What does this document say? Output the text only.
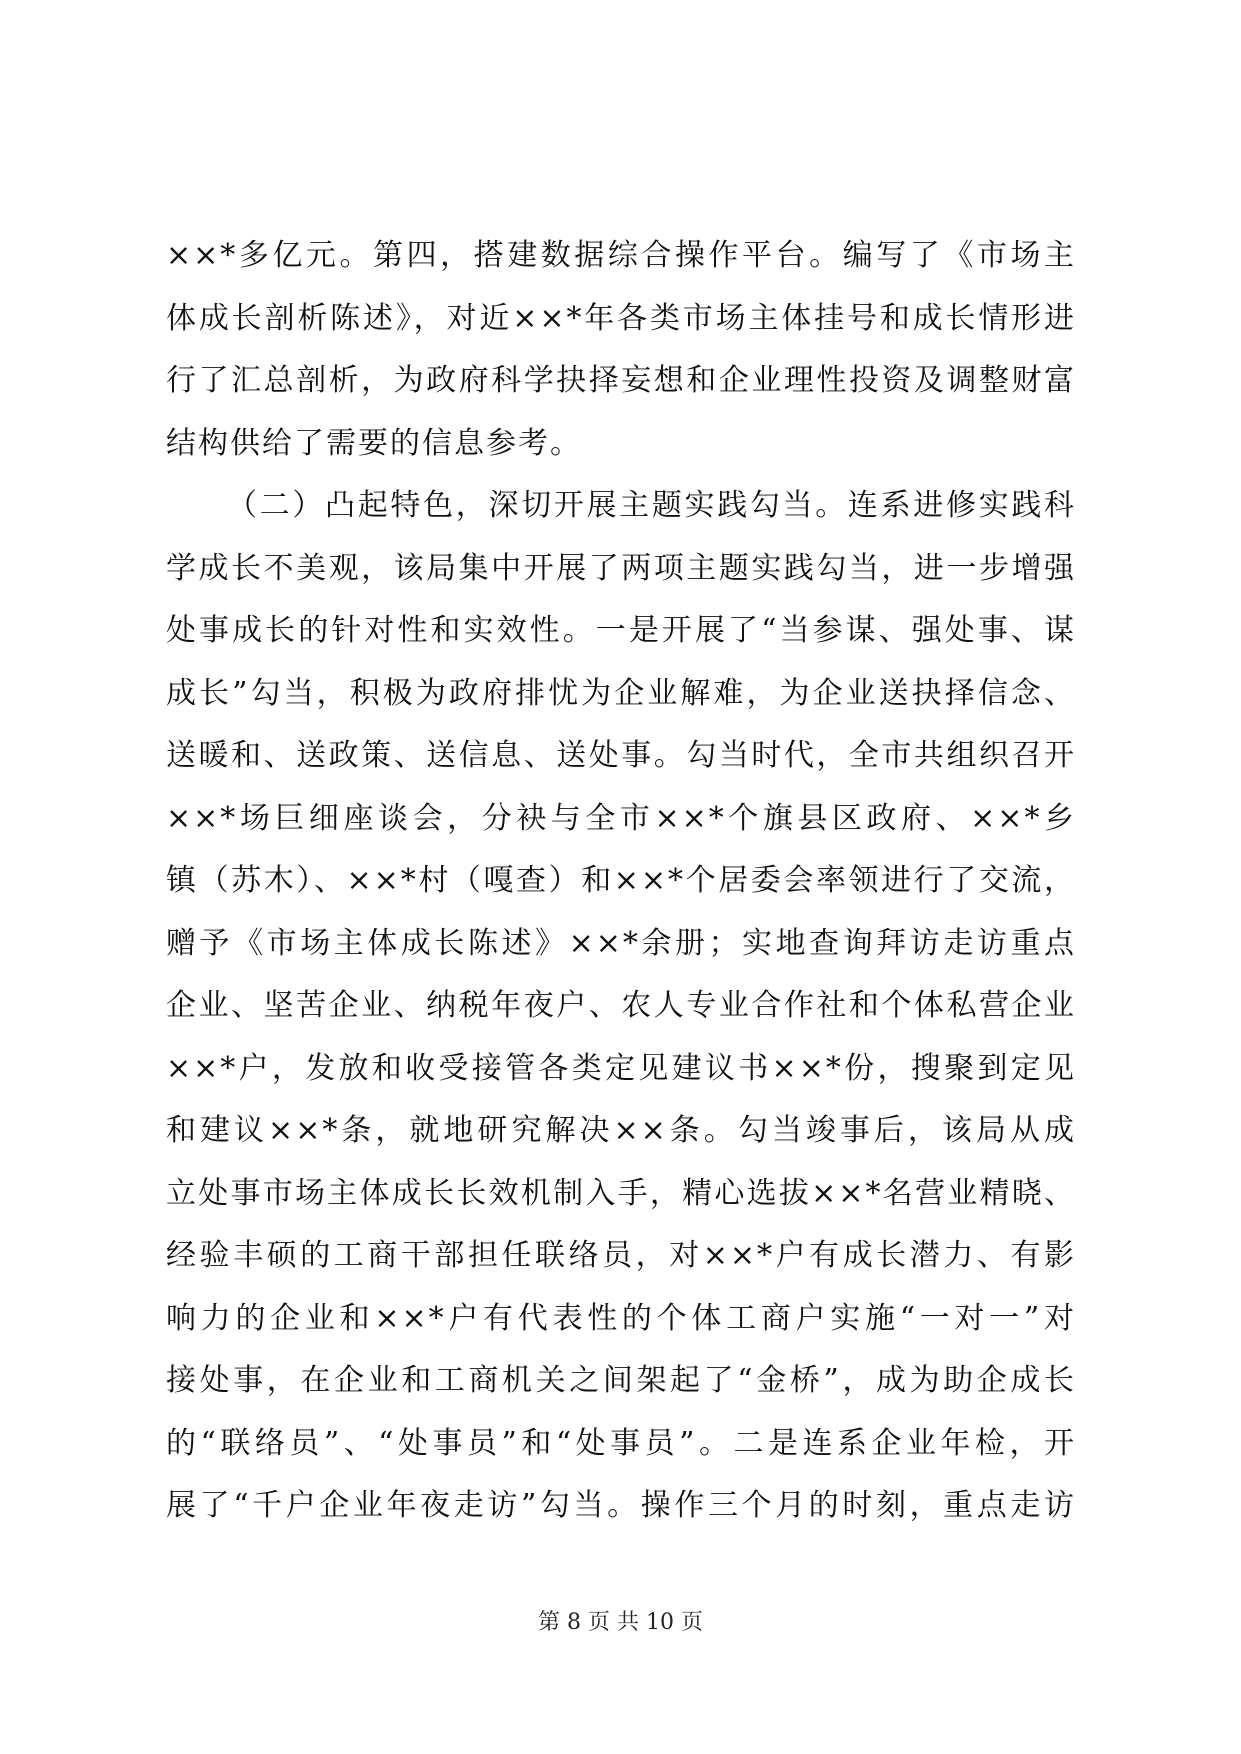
××*多亿元。第四，搭建数据综合操作平台。编写了《市场主
体成长剖析陈述》，对近××*年各类市场主体挂号和成长情形进
行了汇总剖析，为政府科学抉择妄想和企业理性投资及调整财富
结构供给了需要的信息参考。
（二）凸起特色，深切开展主题实践勾当。连系进修实践科
学成长不美观，该局集中开展了两项主题实践勾当，进一步增强
处事成长的针对性和实效性。一是开展了“当参谋、强处事、谋
成长”勾当，积极为政府排忧为企业解难，为企业送抉择信念、
送暖和、送政策、送信息、送处事。勾当时代，全市共组织召开
××*场巨细座谈会，分袂与全市××*个旗县区政府、××*乡
镇（苏木）、××*村（嘎查）和××*个居委会率领进行了交流，
赠予《市场主体成长陈述》××*余册；实地查询拜访走访重点
企业、坚苦企业、纳税年夜户、农人专业合作社和个体私营企业
××*户，发放和收受接管各类定见建议书××*份，搜聚到定见
和建议××*条，就地研究解决××条。勾当竣事后，该局从成
立处事市场主体成长长效机制入手，精心选拔××*名营业精晓、
经验丰硕的工商干部担任联络员，对××*户有成长潜力、有影
响力的企业和××*户有代表性的个体工商户实施“一对一”对
接处事，在企业和工商机关之间架起了“金桥”，成为助企成长
的“联络员”、“处事员”和“处事员”。二是连系企业年检，开
展了“千户企业年夜走访”勾当。操作三个月的时刻，重点走访
第 8 页 共 10 页
